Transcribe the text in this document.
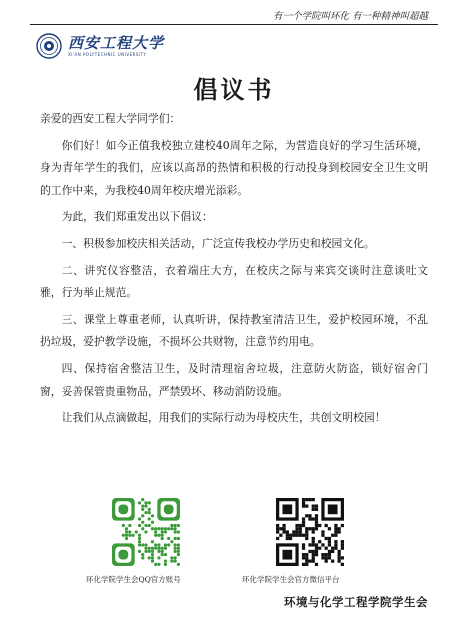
有一个学院叫环化 有一种精神叫超越
西安工程大学
XI'AN POLYTECHNIC UNIVERSITY
倡议书

亲爱的西安工程大学同学们：

你们好！如今正值我校独立建校40周年之际，为营造良好的学习生活环境，身为青年学生的我们，应该以高昂的热情和积极的行动投身到校园安全卫生文明的工作中来，为我校40周年校庆增光添彩。

为此，我们郑重发出以下倡议：

一、积极参加校庆相关活动，广泛宣传我校办学历史和校园文化。

二、讲究仪容整洁，衣着端庄大方，在校庆之际与来宾交谈时注意谈吐文雅，行为举止规范。

三、课堂上尊重老师，认真听讲，保持教室清洁卫生，爱护校园环境，不乱扔垃圾，爱护教学设施，不损坏公共财物，注意节约用电。

四、保持宿舍整洁卫生，及时清理宿舍垃圾，注意防火防盗，锁好宿舍门窗，妥善保管贵重物品，严禁毁坏、移动消防设施。

让我们从点滴做起，用我们的实际行动为母校庆生，共创文明校园！

环化学院学生会QQ官方账号	环化学院学生会官方微信平台
环境与化学工程学院学生会
